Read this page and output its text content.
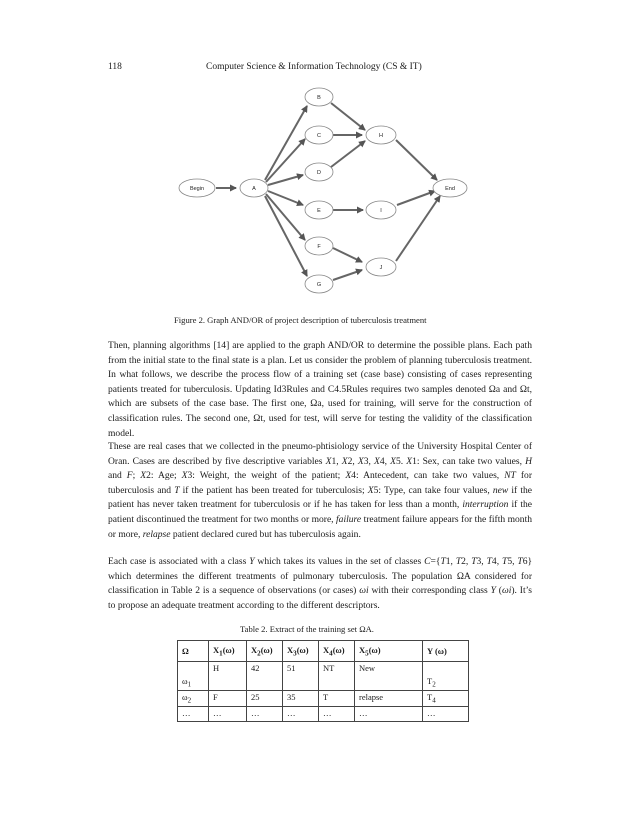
118	Computer Science & Information Technology (CS & IT)
Begin	A
B
C
D
E
F
G
H
I
J
End
Figure 2. Graph AND/OR of project description of tuberculosis treatment

Then, planning algorithms [14] are applied to the graph AND/OR to determine the possible plans. Each path from the initial state to the final state is a plan. Let us consider the problem of planning tuberculosis treatment. In what follows, we describe the process flow of a training set (case base) consisting of cases representing patients treated for tuberculosis. Updating Id3Rules and C4.5Rules requires two samples denoted Ωa and Ωt, which are subsets of the case base. The first one, Ωa, used for training, will serve for the construction of classification rules. The second one, Ωt, used for test, will serve for testing the validity of the classification model.

These are real cases that we collected in the pneumo-phtisiology service of the University Hospital Center of Oran. Cases are described by five descriptive variables X1, X2, X3, X4, X5. X1: Sex, can take two values, H and F; X2: Age; X3: Weight, the weight of the patient; X4: Antecedent, can take two values, NT for tuberculosis and T if the patient has been treated for tuberculosis; X5: Type, can take four values, new if the patient has never taken treatment for tuberculosis or if he has taken for less than a month, interruption if the patient discontinued the treatment for two months or more, failure treatment failure appears for the fifth month or more, relapse patient declared cured but has tuberculosis again.

Each case is associated with a class Y which takes its values in the set of classes C={T1, T2, T3, T4, T5, T6} which determines the different treatments of pulmonary tuberculosis. The population ΩA considered for classification in Table 2 is a sequence of observations (or cases) ωi with their corresponding class Y (ωi). It’s to propose an adequate treatment according to the different descriptors.

Table 2. Extract of the training set ΩA.
Ω	$X_1(\omega)$	$X_2(\omega)$	$X_3(\omega)$	$X_4(\omega)$	$X_5(\omega)$	Y (ω)
$\omega_1$	H	42	51	NT	New	$T_2$
$\omega_2$	F	25	35	T	relapse	$T_4$
…	…	…	…	…	…	…
